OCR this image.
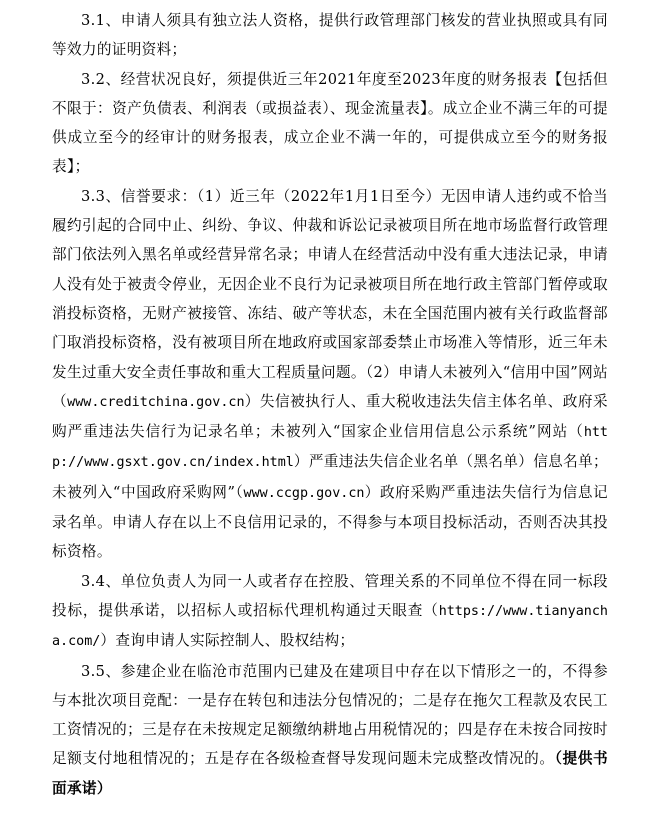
3.1、申请人须具有独立法人资格，提供行政管理部门核发的营业执照或具有同等效力的证明资料；

3.2、经营状况良好，须提供近三年2021年度至2023年度的财务报表【包括但不限于：资产负债表、利润表（或损益表）、现金流量表】。成立企业不满三年的可提供成立至今的经审计的财务报表，成立企业不满一年的，可提供成立至今的财务报表】；

3.3、信誉要求：（1）近三年（2022年1月1日至今）无因申请人违约或不恰当履约引起的合同中止、纠纷、争议、仲裁和诉讼记录被项目所在地市场监督行政管理部门依法列入黑名单或经营异常名录；申请人在经营活动中没有重大违法记录，申请人没有处于被责令停业，无因企业不良行为记录被项目所在地行政主管部门暂停或取消投标资格，无财产被接管、冻结、破产等状态，未在全国范围内被有关行政监督部门取消投标资格，没有被项目所在地政府或国家部委禁止市场准入等情形，近三年未发生过重大安全责任事故和重大工程质量问题。（2）申请人未被列入“信用中国”网站（www.creditchina.gov.cn）失信被执行人、重大税收违法失信主体名单、政府采购严重违法失信行为记录名单；未被列入“国家企业信用信息公示系统”网站（http://www.gsxt.gov.cn/index.html）严重违法失信企业名单（黑名单）信息名单；未被列入“中国政府采购网”（www.ccgp.gov.cn）政府采购严重违法失信行为信息记录名单。申请人存在以上不良信用记录的，不得参与本项目投标活动，否则否决其投标资格。

3.4、单位负责人为同一人或者存在控股、管理关系的不同单位不得在同一标段投标，提供承诺，以招标人或招标代理机构通过天眼查（https://www.tianyancha.com/）查询申请人实际控制人、股权结构；

3.5、参建企业在临沧市范围内已建及在建项目中存在以下情形之一的，不得参与本批次项目竞配：一是存在转包和违法分包情况的；二是存在拖欠工程款及农民工工资情况的；三是存在未按规定足额缴纳耕地占用税情况的；四是存在未按合同按时足额支付地租情况的；五是存在各级检查督导发现问题未完成整改情况的。（提供书面承诺）
